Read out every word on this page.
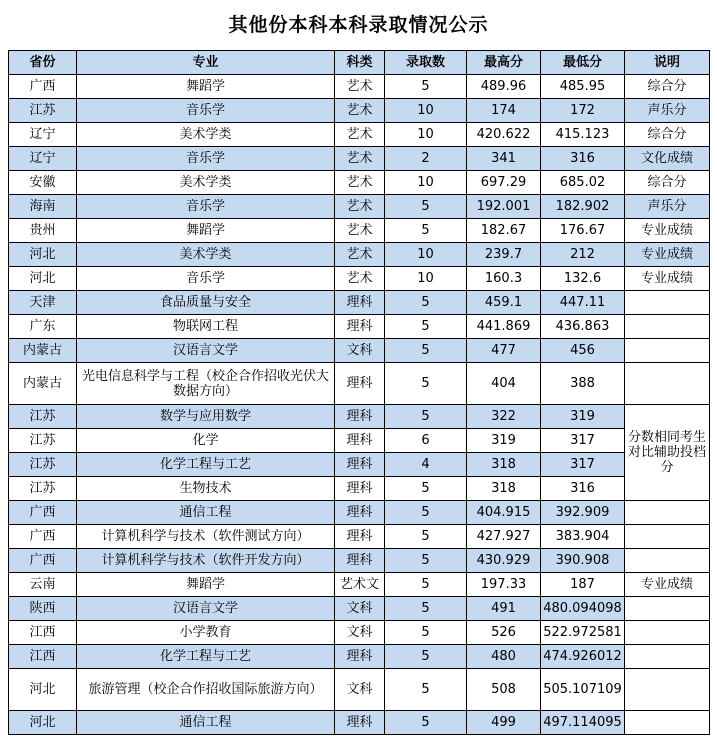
其他份本科本科录取情况公示
省份	专业	科类	录取数	最高分	最低分	说明
广西	舞蹈学	艺术	5	489.96	485.95	综合分
江苏	音乐学	艺术	10	174	172	声乐分
辽宁	美术学类	艺术	10	420.622	415.123	综合分
辽宁	音乐学	艺术	2	341	316	文化成绩
安徽	美术学类	艺术	10	697.29	685.02	综合分
海南	音乐学	艺术	5	192.001	182.902	声乐分
贵州	舞蹈学	艺术	5	182.67	176.67	专业成绩
河北	美术学类	艺术	10	239.7	212	专业成绩
河北	音乐学	艺术	10	160.3	132.6	专业成绩
天津	食品质量与安全	理科	5	459.1	447.11	
广东	物联网工程	理科	5	441.869	436.863	
内蒙古	汉语言文学	文科	5	477	456	
内蒙古	光电信息科学与工程（校企合作招收光伏大数据方向）	理科	5	404	388	
江苏	数学与应用数学	理科	5	322	319	分数相同考生对比辅助投档分
江苏	化学	理科	6	319	317	
江苏	化学工程与工艺	理科	4	318	317	
江苏	生物技术	理科	5	318	316	
广西	通信工程	理科	5	404.915	392.909	
广西	计算机科学与技术（软件测试方向）	理科	5	427.927	383.904	
广西	计算机科学与技术（软件开发方向）	理科	5	430.929	390.908	
云南	舞蹈学	艺术文	5	197.33	187	专业成绩
陕西	汉语言文学	文科	5	491	480.094098	
江西	小学教育	文科	5	526	522.972581	
江西	化学工程与工艺	理科	5	480	474.926012	
河北	旅游管理（校企合作招收国际旅游方向）	文科	5	508	505.107109	
河北	通信工程	理科	5	499	497.114095	
